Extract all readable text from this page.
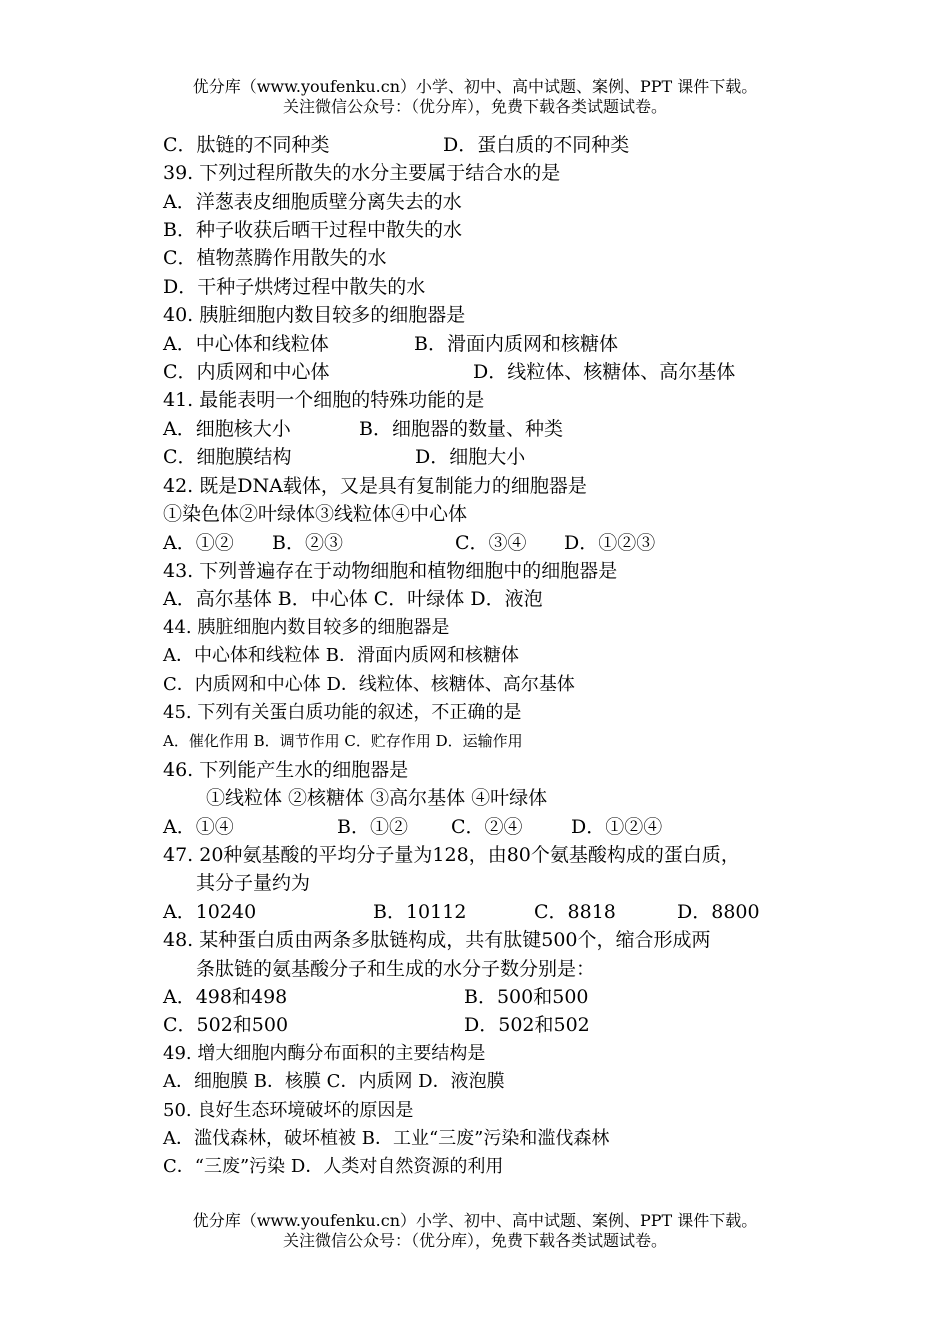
优分库（www.youfenku.cn）小学、初中、高中试题、案例、PPT 课件下载。
关注微信公众号：（优分库），免费下载各类试题试卷。
C．肽链的不同种类	D．蛋白质的不同种类
39. 下列过程所散失的水分主要属于结合水的是
A．洋葱表皮细胞质壁分离失去的水
B．种子收获后晒干过程中散失的水
C．植物蒸腾作用散失的水
D．干种子烘烤过程中散失的水
40. 胰脏细胞内数目较多的细胞器是
A．中心体和线粒体	B．滑面内质网和核糖体
C．内质网和中心体	D．线粒体、核糖体、高尔基体
41. 最能表明一个细胞的特殊功能的是
A．细胞核大小	B．细胞器的数量、种类
C．细胞膜结构	D．细胞大小
42. 既是DNA载体，又是具有复制能力的细胞器是
①染色体②叶绿体③线粒体④中心体
A．①② B．②③	C．③④ D．①②③
43. 下列普遍存在于动物细胞和植物细胞中的细胞器是
A．高尔基体 B．中心体 C．叶绿体 D．液泡
44. 胰脏细胞内数目较多的细胞器是
A．中心体和线粒体 B．滑面内质网和核糖体
C．内质网和中心体 D．线粒体、核糖体、高尔基体
45. 下列有关蛋白质功能的叙述，不正确的是
A．催化作用 B．调节作用 C．贮存作用 D．运输作用
46. 下列能产生水的细胞器是
①线粒体 ②核糖体 ③高尔基体 ④叶绿体
A．①④	B．①② C．②④	D．①②④
47. 20种氨基酸的平均分子量为128，由80个氨基酸构成的蛋白质，
其分子量约为
A．10240	B．10112	C．8818	D．8800
48. 某种蛋白质由两条多肽链构成，共有肽键500个，缩合形成两
条肽链的氨基酸分子和生成的水分子数分别是：
A．498和498	B．500和500
C．502和500	D．502和502
49. 增大细胞内酶分布面积的主要结构是
A．细胞膜 B．核膜 C．内质网 D．液泡膜
50. 良好生态环境破坏的原因是
A．滥伐森林，破坏植被 B．工业“三废”污染和滥伐森林
C．“三废”污染 D．人类对自然资源的利用
优分库（www.youfenku.cn）小学、初中、高中试题、案例、PPT 课件下载。
关注微信公众号：（优分库），免费下载各类试题试卷。
